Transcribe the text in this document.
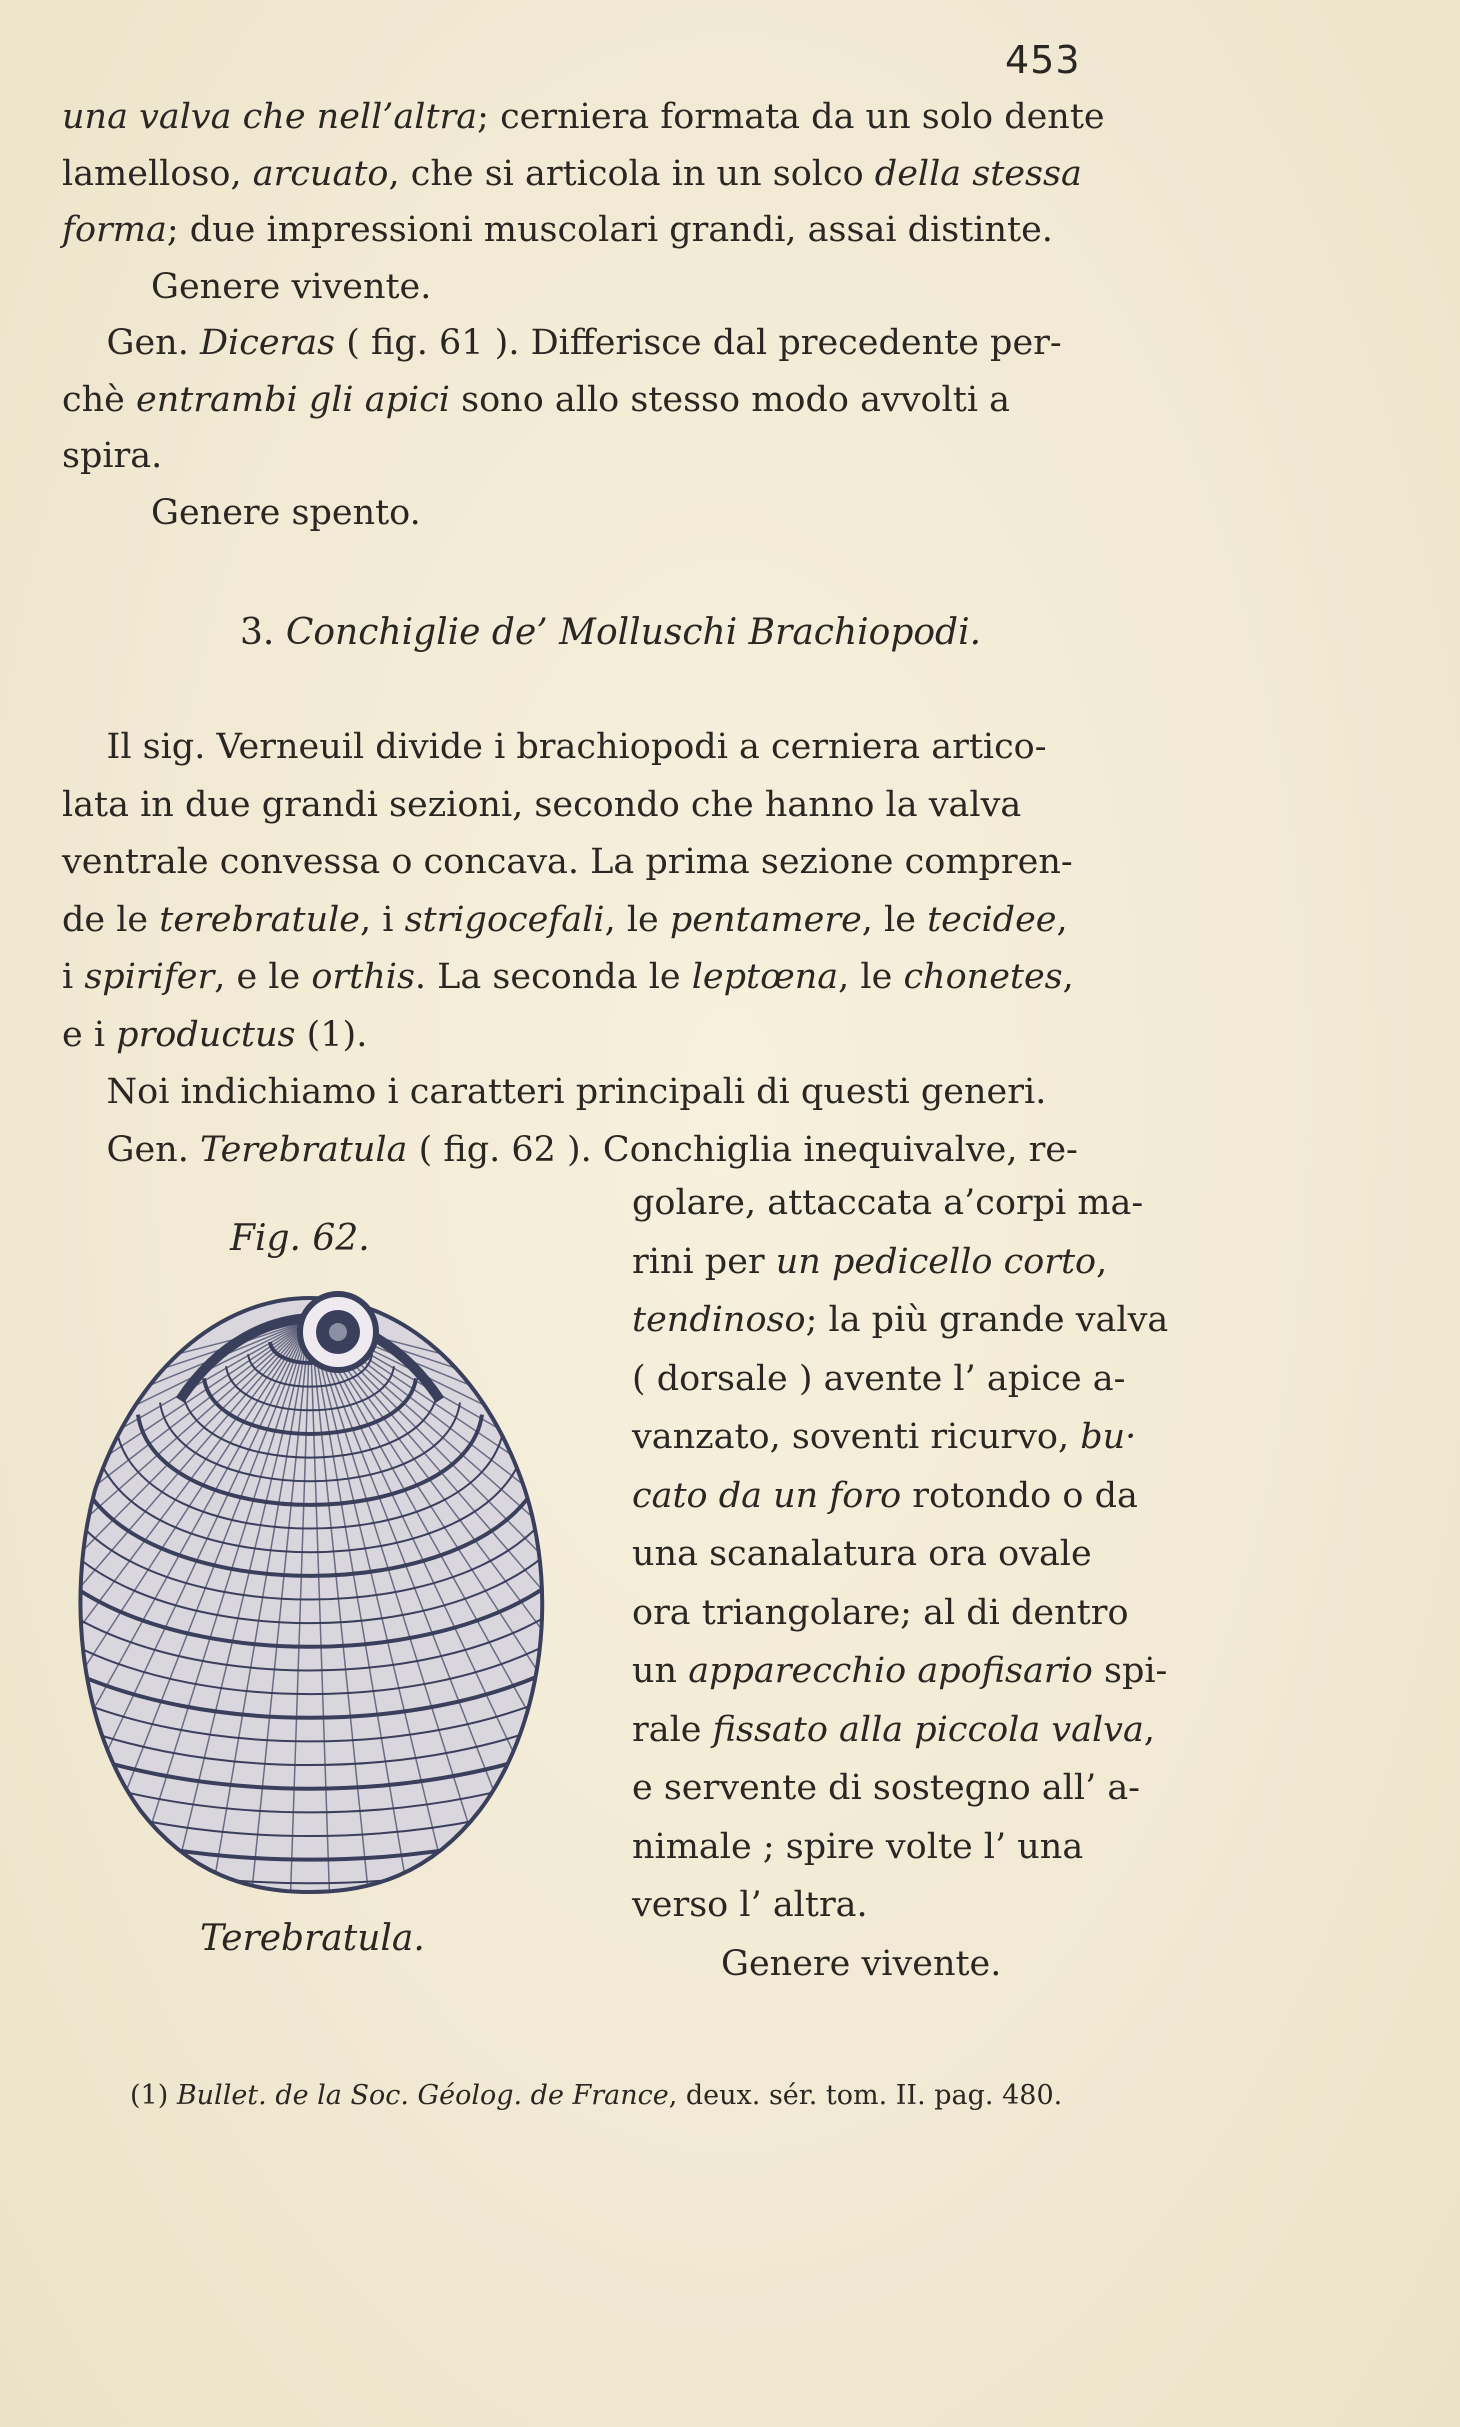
453
una valva che nell’altra; cerniera formata da un solo dente
lamelloso, arcuato, che si articola in un solco della stessa
forma; due impressioni muscolari grandi, assai distinte.
Genere vivente.
Gen. Diceras ( fig. 61 ). Differisce dal precedente per-
chè entrambi gli apici sono allo stesso modo avvolti a
spira.
Genere spento.
3. Conchiglie de’ Molluschi Brachiopodi.
Il sig. Verneuil divide i brachiopodi a cerniera artico-
lata in due grandi sezioni, secondo che hanno la valva
ventrale convessa o concava. La prima sezione compren-
de le terebratule, i strigocefali, le pentamere, le tecidee,
i spirifer, e le orthis. La seconda le leptœna, le chonetes,
e i productus (1).
Noi indichiamo i caratteri principali di questi generi.
Gen. Terebratula ( fig. 62 ). Conchiglia inequivalve, re-
golare, attaccata a’corpi ma-
rini per un pedicello corto,
tendinoso; la più grande valva
( dorsale ) avente l’ apice a-
vanzato, soventi ricurvo, bu·
cato da un foro rotondo o da
una scanalatura ora ovale
ora triangolare; al di dentro
un apparecchio apofisario spi-
rale fissato alla piccola valva,
e servente di sostegno all’ a-
nimale ; spire volte l’ una
verso l’ altra.
Genere vivente.
Fig. 62.
Terebratula.
(1) Bullet. de la Soc. Géolog. de France, deux. sér. tom. II. pag. 480.
